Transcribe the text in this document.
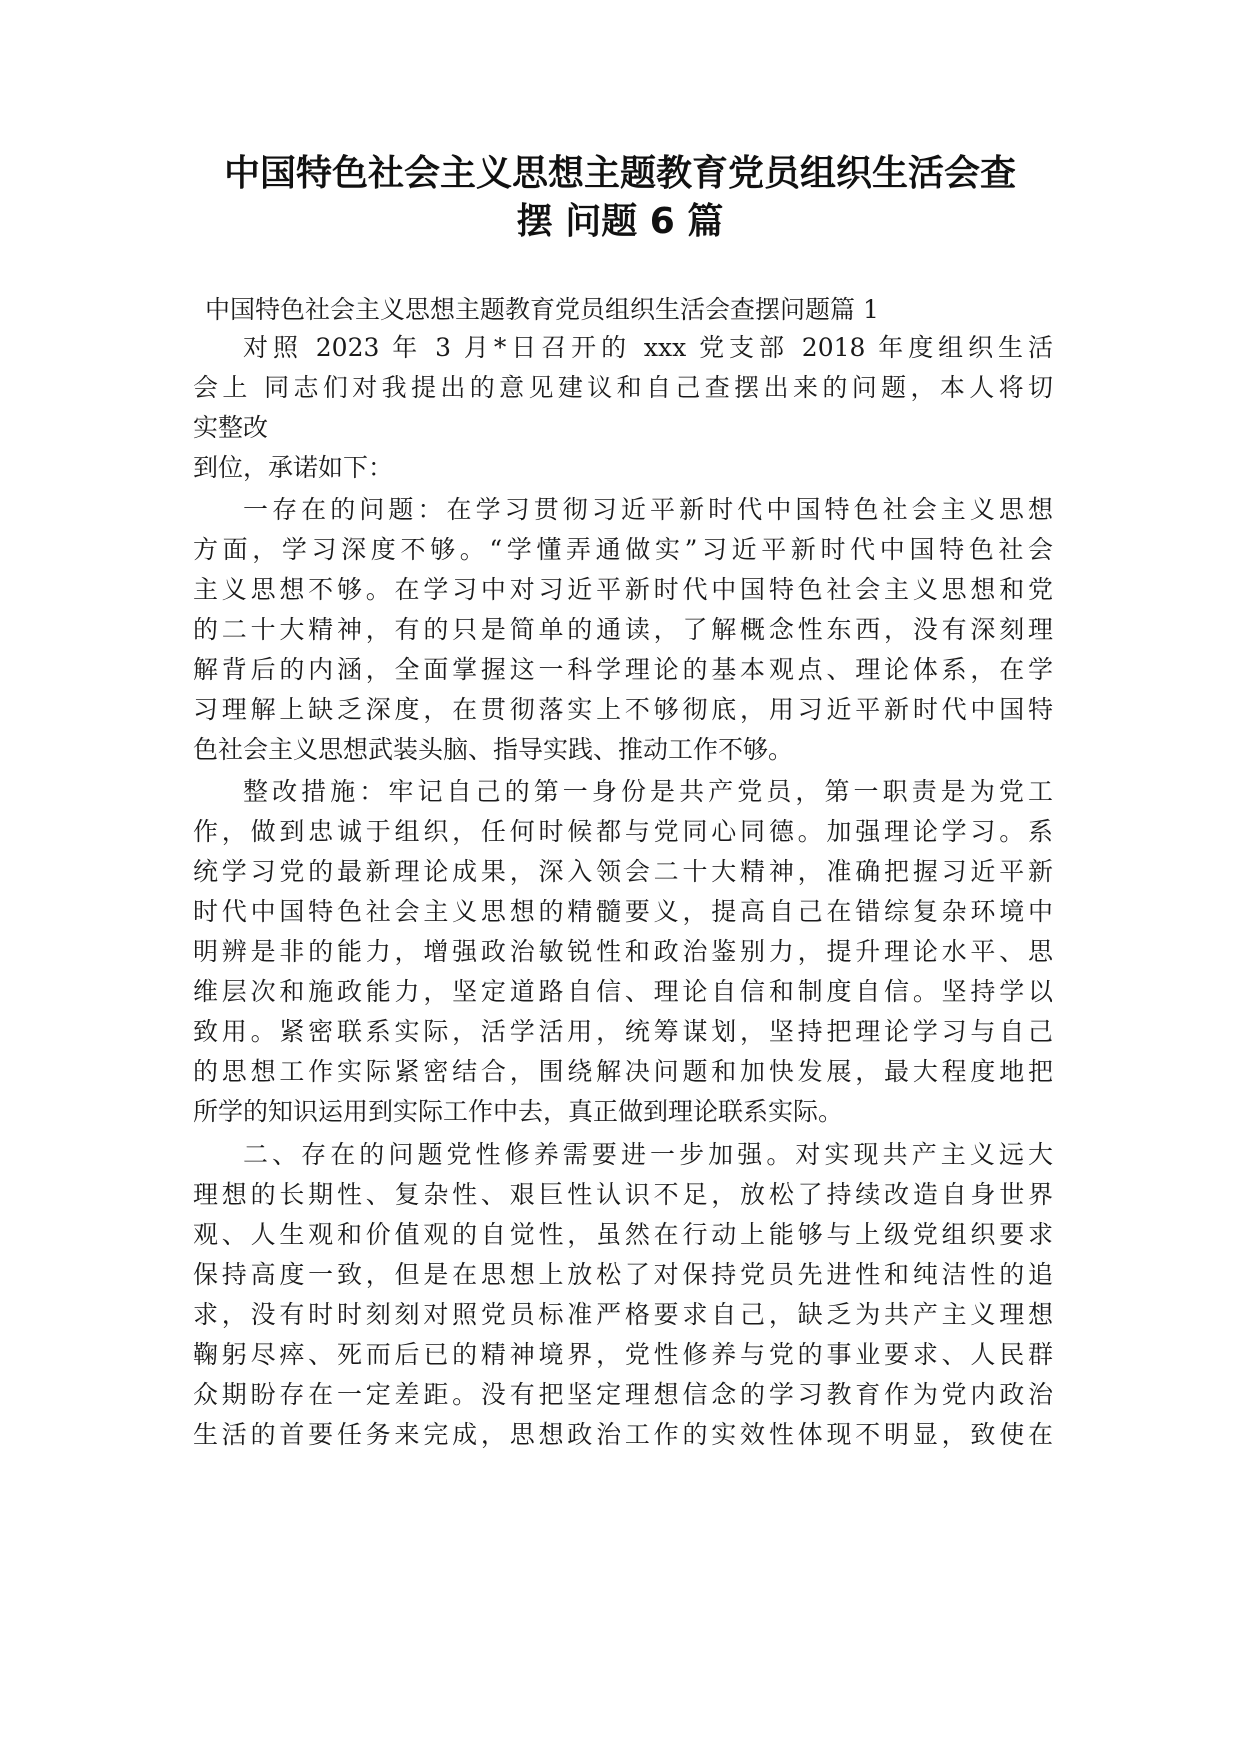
中国特色社会主义思想主题教育党员组织生活会查
摆 问题 6 篇

中国特色社会主义思想主题教育党员组织生活会查摆问题篇 1

对照 2023 年 3 月*日召开的 xxx 党支部 2018 年度组织生活
会上 同志们对我提出的意见建议和自己查摆出来的问题，本人将切
实整改
到位，承诺如下：
一存在的问题：在学习贯彻习近平新时代中国特色社会主义思想
方面，学习深度不够。“学懂弄通做实”习近平新时代中国特色社会
主义思想不够。在学习中对习近平新时代中国特色社会主义思想和党
的二十大精神，有的只是简单的通读，了解概念性东西，没有深刻理
解背后的内涵，全面掌握这一科学理论的基本观点、理论体系，在学
习理解上缺乏深度，在贯彻落实上不够彻底，用习近平新时代中国特
色社会主义思想武装头脑、指导实践、推动工作不够。
整改措施：牢记自己的第一身份是共产党员，第一职责是为党工
作，做到忠诚于组织，任何时候都与党同心同德。加强理论学习。系
统学习党的最新理论成果，深入领会二十大精神，准确把握习近平新
时代中国特色社会主义思想的精髓要义，提高自己在错综复杂环境中
明辨是非的能力，增强政治敏锐性和政治鉴别力，提升理论水平、思
维层次和施政能力，坚定道路自信、理论自信和制度自信。坚持学以
致用。紧密联系实际，活学活用，统筹谋划，坚持把理论学习与自己
的思想工作实际紧密结合，围绕解决问题和加快发展，最大程度地把
所学的知识运用到实际工作中去，真正做到理论联系实际。
二、存在的问题党性修养需要进一步加强。对实现共产主义远大
理想的长期性、复杂性、艰巨性认识不足，放松了持续改造自身世界
观、人生观和价值观的自觉性，虽然在行动上能够与上级党组织要求
保持高度一致，但是在思想上放松了对保持党员先进性和纯洁性的追
求，没有时时刻刻对照党员标准严格要求自己，缺乏为共产主义理想
鞠躬尽瘁、死而后已的精神境界，党性修养与党的事业要求、人民群
众期盼存在一定差距。没有把坚定理想信念的学习教育作为党内政治
生活的首要任务来完成，思想政治工作的实效性体现不明显，致使在
